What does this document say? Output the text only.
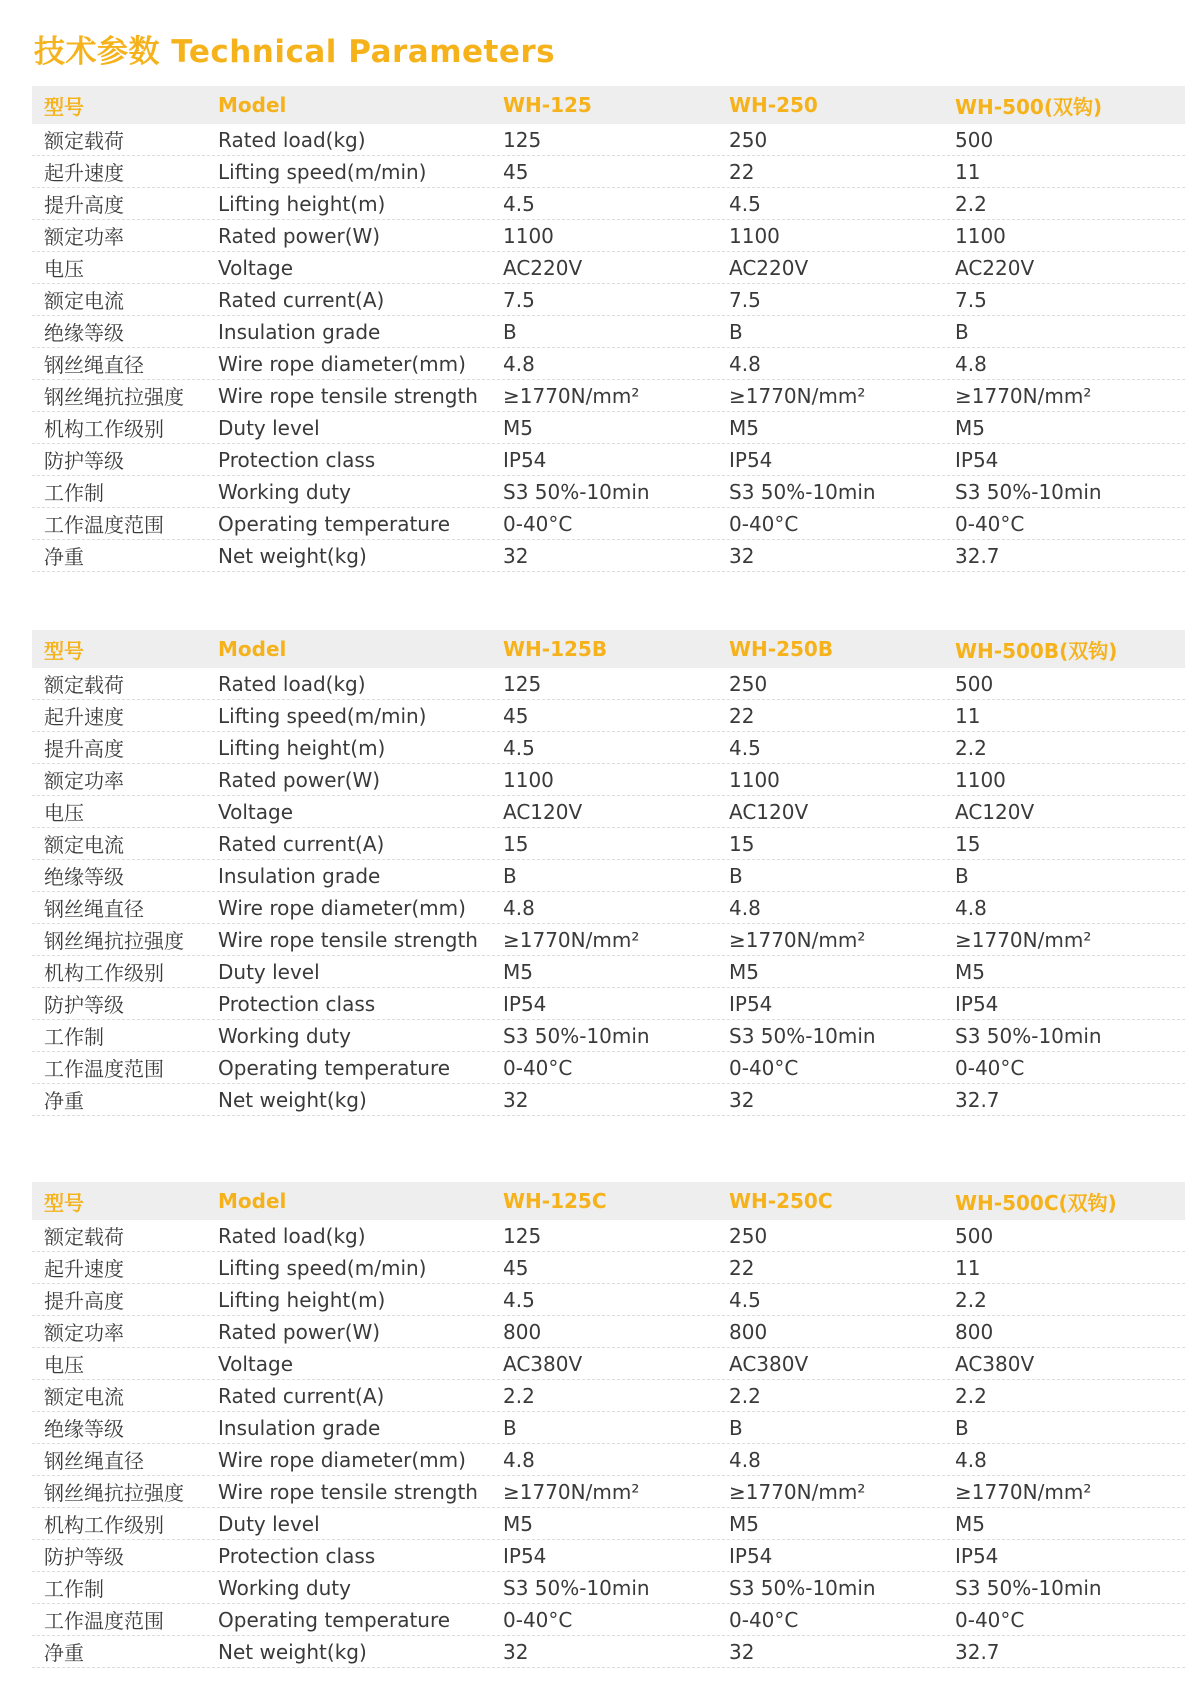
技术参数 Technical Parameters
型号	Model	WH-125	WH-250	WH-500(双钩)
额定载荷	Rated load(kg)	125	250	500
起升速度	Lifting speed(m/min)	45	22	11
提升高度	Lifting height(m)	4.5	4.5	2.2
额定功率	Rated power(W)	1100	1100	1100
电压	Voltage	AC220V	AC220V	AC220V
额定电流	Rated current(A)	7.5	7.5	7.5
绝缘等级	Insulation grade	B	B	B
钢丝绳直径	Wire rope diameter(mm)	4.8	4.8	4.8
钢丝绳抗拉强度	Wire rope tensile strength	≥1770N/mm²	≥1770N/mm²	≥1770N/mm²
机构工作级别	Duty level	M5	M5	M5
防护等级	Protection class	IP54	IP54	IP54
工作制	Working duty	S3 50%-10min	S3 50%-10min	S3 50%-10min
工作温度范围	Operating temperature	0-40°C	0-40°C	0-40°C
净重	Net weight(kg)	32	32	32.7
型号	Model	WH-125B	WH-250B	WH-500B(双钩)
额定载荷	Rated load(kg)	125	250	500
起升速度	Lifting speed(m/min)	45	22	11
提升高度	Lifting height(m)	4.5	4.5	2.2
额定功率	Rated power(W)	1100	1100	1100
电压	Voltage	AC120V	AC120V	AC120V
额定电流	Rated current(A)	15	15	15
绝缘等级	Insulation grade	B	B	B
钢丝绳直径	Wire rope diameter(mm)	4.8	4.8	4.8
钢丝绳抗拉强度	Wire rope tensile strength	≥1770N/mm²	≥1770N/mm²	≥1770N/mm²
机构工作级别	Duty level	M5	M5	M5
防护等级	Protection class	IP54	IP54	IP54
工作制	Working duty	S3 50%-10min	S3 50%-10min	S3 50%-10min
工作温度范围	Operating temperature	0-40°C	0-40°C	0-40°C
净重	Net weight(kg)	32	32	32.7
型号	Model	WH-125C	WH-250C	WH-500C(双钩)
额定载荷	Rated load(kg)	125	250	500
起升速度	Lifting speed(m/min)	45	22	11
提升高度	Lifting height(m)	4.5	4.5	2.2
额定功率	Rated power(W)	800	800	800
电压	Voltage	AC380V	AC380V	AC380V
额定电流	Rated current(A)	2.2	2.2	2.2
绝缘等级	Insulation grade	B	B	B
钢丝绳直径	Wire rope diameter(mm)	4.8	4.8	4.8
钢丝绳抗拉强度	Wire rope tensile strength	≥1770N/mm²	≥1770N/mm²	≥1770N/mm²
机构工作级别	Duty level	M5	M5	M5
防护等级	Protection class	IP54	IP54	IP54
工作制	Working duty	S3 50%-10min	S3 50%-10min	S3 50%-10min
工作温度范围	Operating temperature	0-40°C	0-40°C	0-40°C
净重	Net weight(kg)	32	32	32.7
